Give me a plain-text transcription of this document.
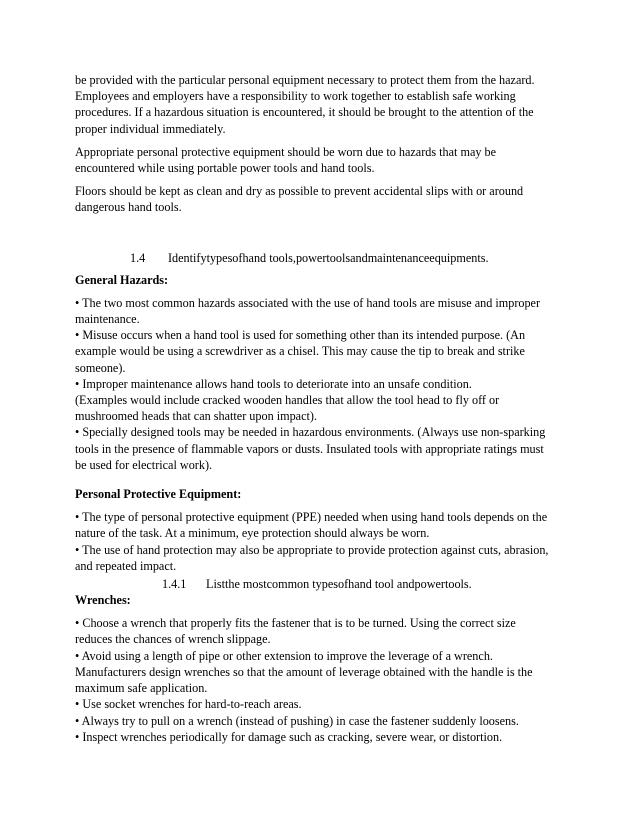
be provided with the particular personal equipment necessary to protect them from the hazard.
Employees and employers have a responsibility to work together to establish safe working
procedures. If a hazardous situation is encountered, it should be brought to the attention of the
proper individual immediately.
Appropriate personal protective equipment should be worn due to hazards that may be
encountered while using portable power tools and hand tools.
Floors should be kept as clean and dry as possible to prevent accidental slips with or around
dangerous hand tools.
1.4 Identifytypesofhand tools,powertoolsandmaintenanceequipments.
General Hazards:
• The two most common hazards associated with the use of hand tools are misuse and improper
maintenance.
• Misuse occurs when a hand tool is used for something other than its intended purpose. (An
example would be using a screwdriver as a chisel. This may cause the tip to break and strike
someone).
• Improper maintenance allows hand tools to deteriorate into an unsafe condition.
(Examples would include cracked wooden handles that allow the tool head to fly off or
mushroomed heads that can shatter upon impact).
• Specially designed tools may be needed in hazardous environments. (Always use non-sparking
tools in the presence of flammable vapors or dusts. Insulated tools with appropriate ratings must
be used for electrical work).
Personal Protective Equipment:
• The type of personal protective equipment (PPE) needed when using hand tools depends on the
nature of the task. At a minimum, eye protection should always be worn.
• The use of hand protection may also be appropriate to provide protection against cuts, abrasion,
and repeated impact.
1.4.1 Listthe mostcommon typesofhand tool andpowertools.
Wrenches:
• Choose a wrench that properly fits the fastener that is to be turned. Using the correct size
reduces the chances of wrench slippage.
• Avoid using a length of pipe or other extension to improve the leverage of a wrench.
Manufacturers design wrenches so that the amount of leverage obtained with the handle is the
maximum safe application.
• Use socket wrenches for hard-to-reach areas.
• Always try to pull on a wrench (instead of pushing) in case the fastener suddenly loosens.
• Inspect wrenches periodically for damage such as cracking, severe wear, or distortion.
